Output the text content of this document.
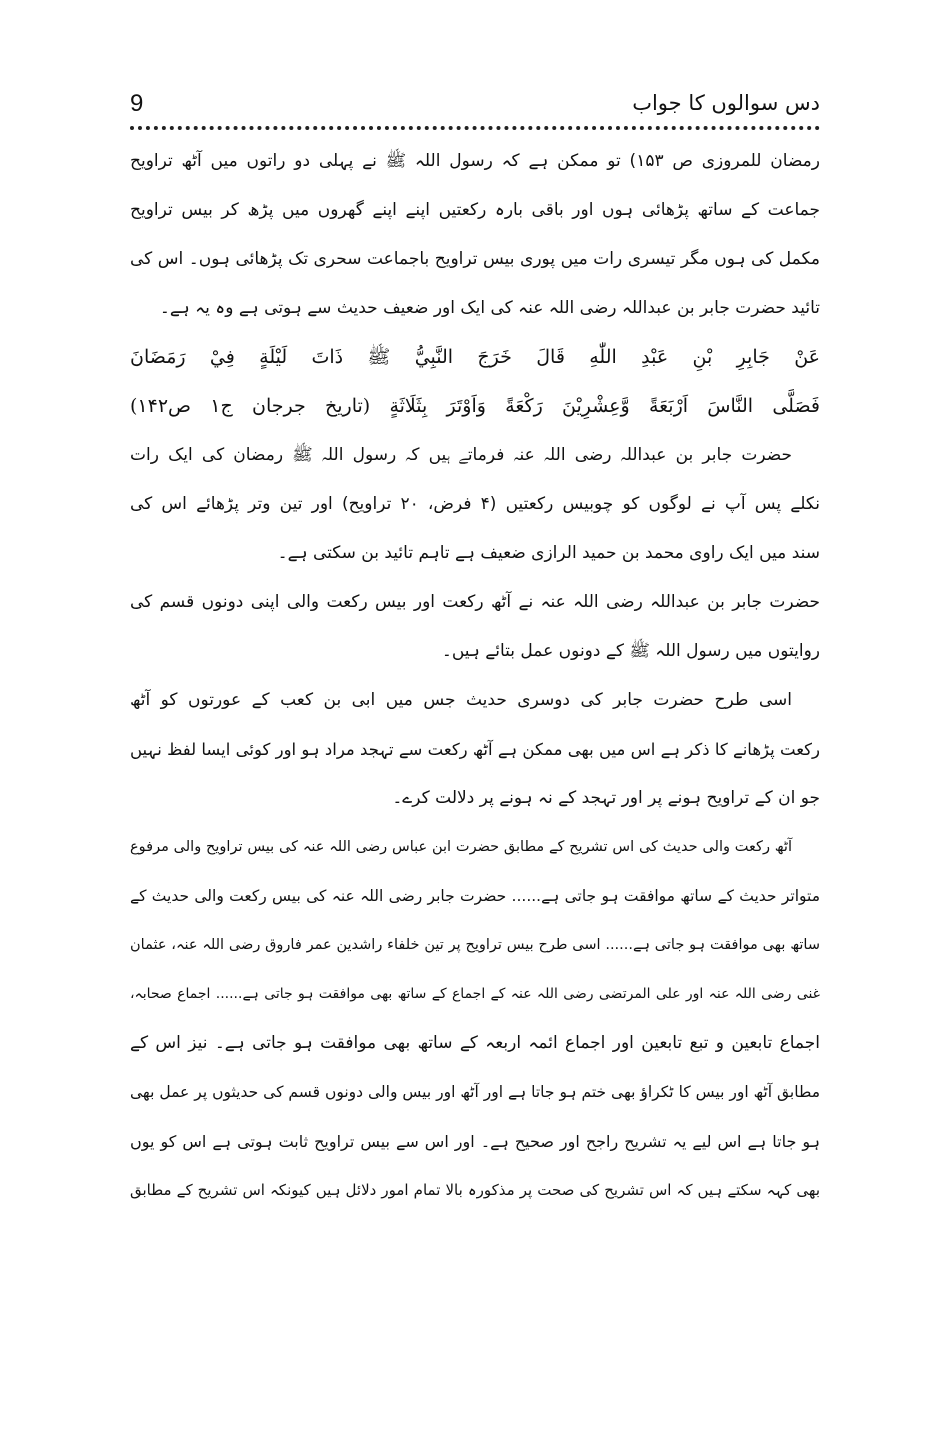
9	دس سوالوں کا جواب
رمضان للمروزی ص ۱۵۳) تو ممکن ہے کہ رسول اللہ ﷺ نے پہلی دو راتوں میں آٹھ تراویح
جماعت کے ساتھ پڑھائی ہوں اور باقی بارہ رکعتیں اپنے اپنے گھروں میں پڑھ کر بیس تراویح
مکمل کی ہوں مگر تیسری رات میں پوری بیس تراویح باجماعت سحری تک پڑھائی ہوں۔ اس کی
تائید حضرت جابر بن عبداللہ رضی اللہ عنہ کی ایک اور ضعیف حدیث سے ہوتی ہے وہ یہ ہے۔
عَنْ جَابِرِ بْنِ عَبْدِ اللّٰهِ قَالَ خَرَجَ النَّبِيُّ ﷺ ذَاتَ لَيْلَةٍ فِيْ رَمَضَانَ
فَصَلَّى النَّاسَ اَرْبَعَةً وَّعِشْرِيْنَ رَكْعَةً وَاَوْتَرَ بِثَلَاثَةٍ (تاریخ جرجان ج۱ ص۱۴۲)
حضرت جابر بن عبداللہ رضی اللہ عنہ فرماتے ہیں کہ رسول اللہ ﷺ رمضان کی ایک رات
نکلے پس آپ نے لوگوں کو چوبیس رکعتیں (۴ فرض، ۲۰ تراویح) اور تین وتر پڑھائے اس کی
سند میں ایک راوی محمد بن حمید الرازی ضعیف ہے تاہم تائید بن سکتی ہے۔
حضرت جابر بن عبداللہ رضی اللہ عنہ نے آٹھ رکعت اور بیس رکعت والی اپنی دونوں قسم کی
روایتوں میں رسول اللہ ﷺ کے دونوں عمل بتائے ہیں۔
اسی طرح حضرت جابر کی دوسری حدیث جس میں ابی بن کعب کے عورتوں کو آٹھ
رکعت پڑھانے کا ذکر ہے اس میں بھی ممکن ہے آٹھ رکعت سے تہجد مراد ہو اور کوئی ایسا لفظ نہیں
جو ان کے تراویح ہونے پر اور تہجد کے نہ ہونے پر دلالت کرے۔
آٹھ رکعت والی حدیث کی اس تشریح کے مطابق حضرت ابن عباس رضی اللہ عنہ کی بیس تراویح والی مرفوع
متواتر حدیث کے ساتھ موافقت ہو جاتی ہے...... حضرت جابر رضی اللہ عنہ کی بیس رکعت والی حدیث کے
ساتھ بھی موافقت ہو جاتی ہے...... اسی طرح بیس تراویح پر تین خلفاء راشدین عمر فاروق رضی اللہ عنہ، عثمان
غنی رضی اللہ عنہ اور علی المرتضی رضی اللہ عنہ کے اجماع کے ساتھ بھی موافقت ہو جاتی ہے...... اجماع صحابہ،
اجماع تابعین و تبع تابعین اور اجماع ائمہ اربعہ کے ساتھ بھی موافقت ہو جاتی ہے۔ نیز اس کے
مطابق آٹھ اور بیس کا ٹکراؤ بھی ختم ہو جاتا ہے اور آٹھ اور بیس والی دونوں قسم کی حدیثوں پر عمل بھی
ہو جاتا ہے اس لیے یہ تشریح راجح اور صحیح ہے۔ اور اس سے بیس تراویح ثابت ہوتی ہے اس کو یوں
بھی کہہ سکتے ہیں کہ اس تشریح کی صحت پر مذکورہ بالا تمام امور دلائل ہیں کیونکہ اس تشریح کے مطابق
